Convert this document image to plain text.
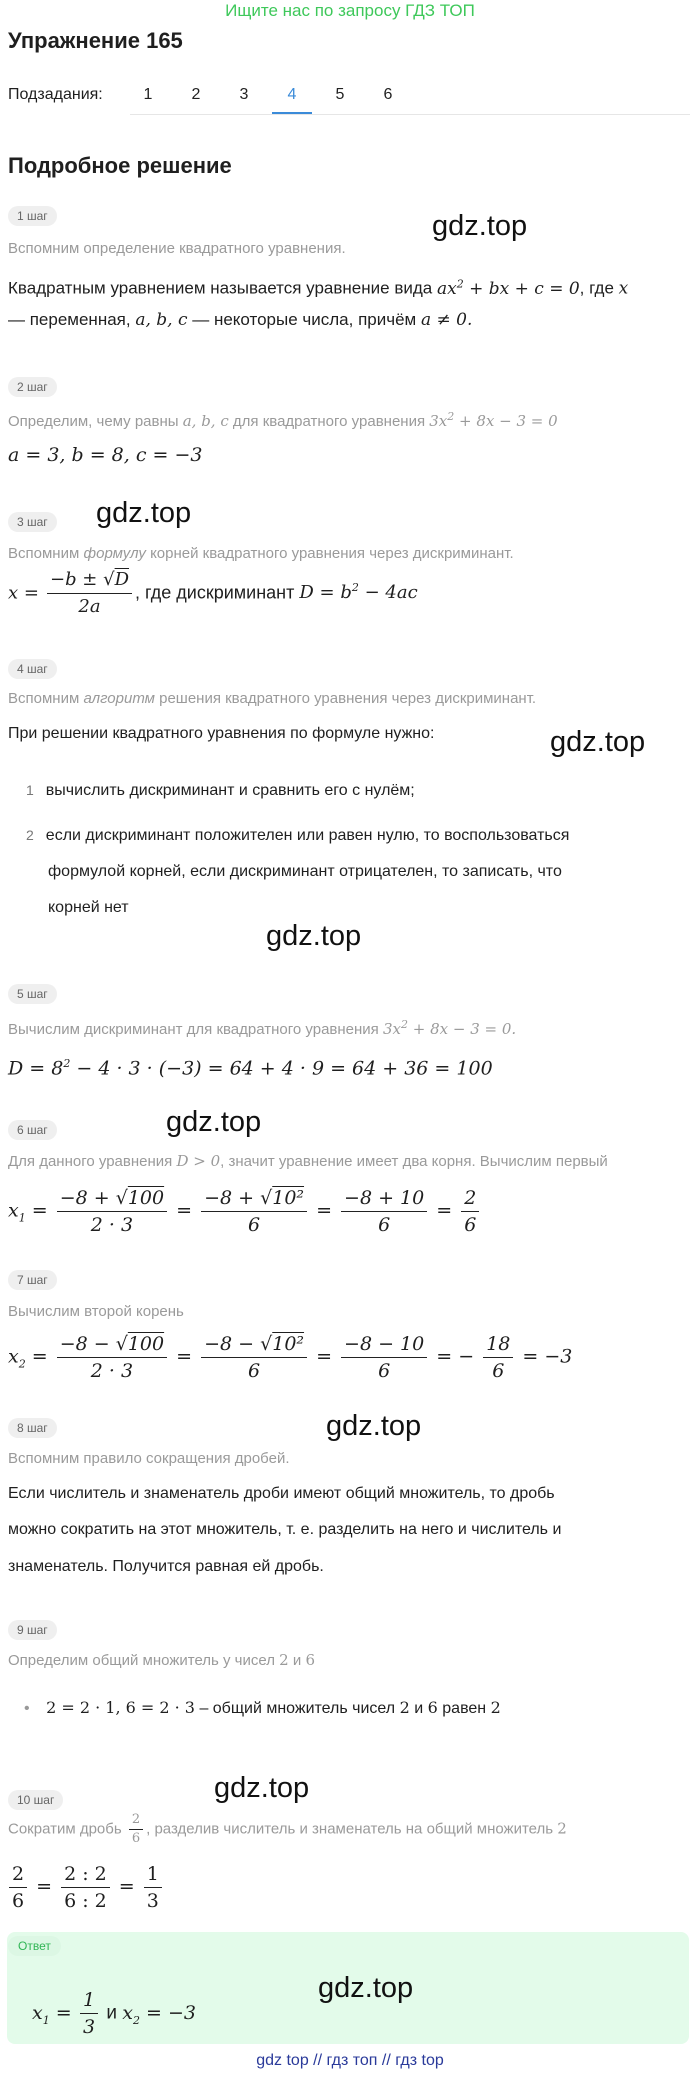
Ищите нас по запросу ГДЗ ТОП
Упражнение 165
Подзадания:	1	2	3	4	5	6
Подробное решение
1 шаг	gdz.top
Вспомним определение квадратного уравнения.
Квадратным уравнением называется уравнение вида $ax^2$ + bx + c = 0, где x
— переменная, a, b, c — некоторые числа, причём a ≠ 0.
2 шаг
Определим, чему равны a, b, c для квадратного уравнения $3x^2 + 8x - 3 = 0$
a = 3, b = 8, c = −3
3 шаг	gdz.top
Вспомним формулу корней квадратного уравнения через дискриминант.
$x = \frac{-b \pm √D}{2a}$ , где дискриминант $D = b^2 - 4ac$
4 шаг
Вспомним алгоритм решения квадратного уравнения через дискриминант.
При решении квадратного уравнения по формуле нужно:	gdz.top
1 вычислить дискриминант и сравнить его с нулём;
2 если дискриминант положителен или равен нулю, то воспользоваться
формулой корней, если дискриминант отрицателен, то записать, что
корней нет
gdz.top
5 шаг
Вычислим дискриминант для квадратного уравнения $3x^2 + 8x - 3 = 0$.
$D = 8^2 - 4 \cdot 3 \cdot (-3) = 64 + 4 \cdot 9 = 64 + 36 = 100$
6 шаг	gdz.top
Для данного уравнения D > 0, значит уравнение имеет два корня. Вычислим первый
$x_1 = \frac{-8 + √100}{2 \cdot 3} = \frac{\text{−8 + √10²}}{6} = \frac{-8 + 10}{6} = \frac{2}{6}$
7 шаг
Вычислим второй корень
$x_2 = \frac{-8 - √100}{2 \cdot 3} = \frac{\text{−8 − √10²}}{6} = \frac{-8 - 10}{6}$ = − $\frac{18}{6} = -3$
8 шаг	gdz.top
Вспомним правило сокращения дробей.
Если числитель и знаменатель дроби имеют общий множитель, то дробь
можно сократить на этот множитель, т. е. разделить на него и числитель и
знаменатель. Получится равная ей дробь.
9 шаг
Определим общий множитель у чисел 2 и 6
• 2 = 2 · 1, 6 = 2 · 3 – общий множитель чисел 2 и 6 равен 2
10 шаг	gdz.top
Сократим дробь $\frac{2}{6}$ , разделив числитель и знаменатель на общий множитель 2
$\frac{2}{6} = \frac{2 : 2}{6 : 2} = \frac{1}{3}$
Ответ
gdz.top
$x_1 = \frac{1}{3}$ и $x_2 = -3$
gdz top // гдз топ // гдз top
